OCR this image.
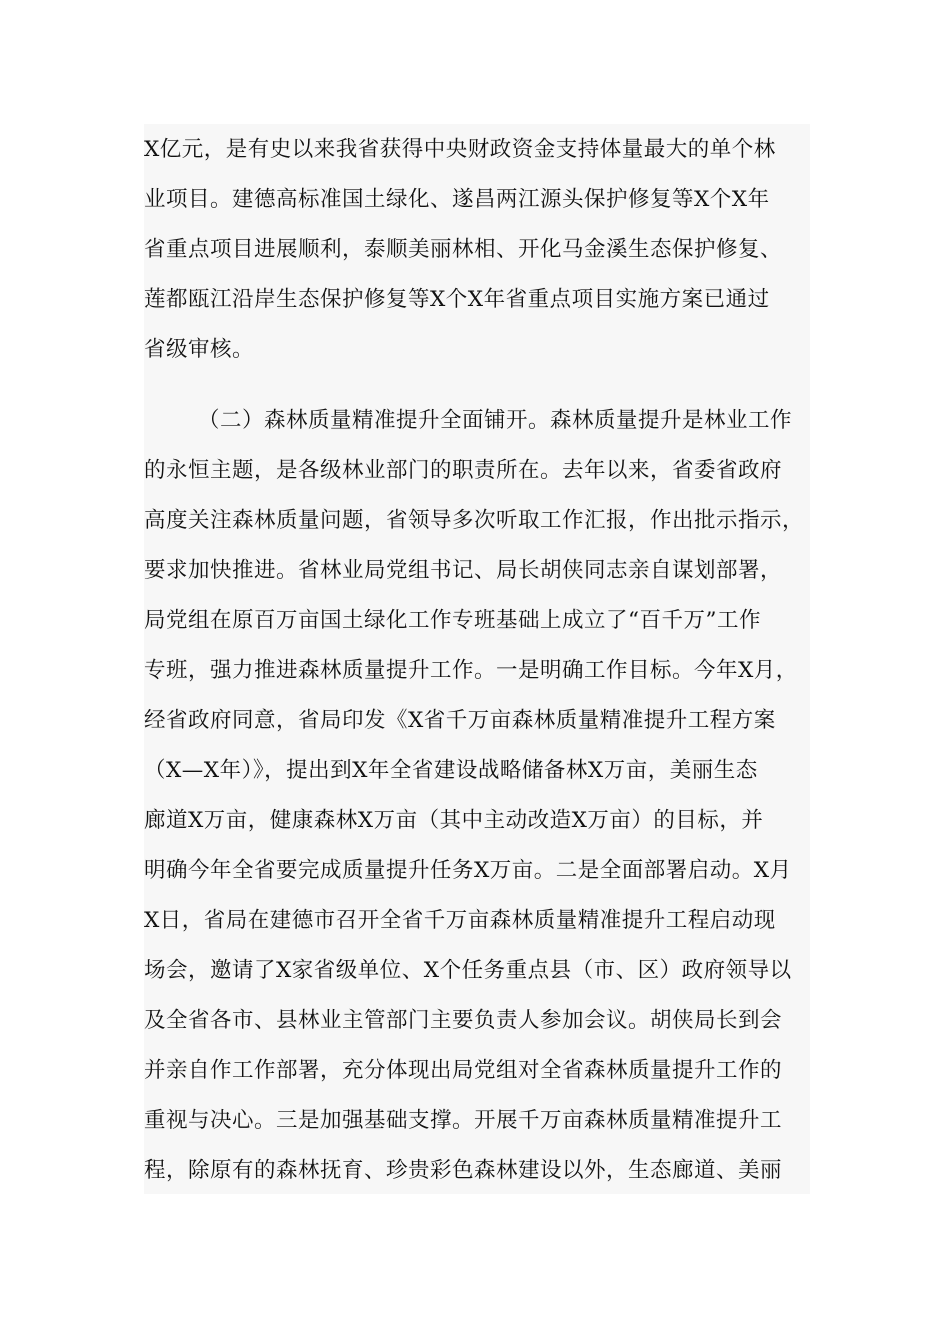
X亿元，是有史以来我省获得中央财政资金支持体量最大的单个林
业项目。建德高标准国土绿化、遂昌两江源头保护修复等X个X年
省重点项目进展顺利，泰顺美丽林相、开化马金溪生态保护修复、
莲都瓯江沿岸生态保护修复等X个X年省重点项目实施方案已通过
省级审核。
（二）森林质量精准提升全面铺开。森林质量提升是林业工作
的永恒主题，是各级林业部门的职责所在。去年以来，省委省政府
高度关注森林质量问题，省领导多次听取工作汇报，作出批示指示，
要求加快推进。省林业局党组书记、局长胡侠同志亲自谋划部署，
局党组在原百万亩国土绿化工作专班基础上成立了“百千万”工作
专班，强力推进森林质量提升工作。一是明确工作目标。今年X月，
经省政府同意，省局印发《X省千万亩森林质量精准提升工程方案
（X—X年）》，提出到X年全省建设战略储备林X万亩，美丽生态
廊道X万亩，健康森林X万亩（其中主动改造X万亩）的目标，并
明确今年全省要完成质量提升任务X万亩。二是全面部署启动。X月
X日，省局在建德市召开全省千万亩森林质量精准提升工程启动现
场会，邀请了X家省级单位、X个任务重点县（市、区）政府领导以
及全省各市、县林业主管部门主要负责人参加会议。胡侠局长到会
并亲自作工作部署，充分体现出局党组对全省森林质量提升工作的
重视与决心。三是加强基础支撑。开展千万亩森林质量精准提升工
程，除原有的森林抚育、珍贵彩色森林建设以外，生态廊道、美丽
